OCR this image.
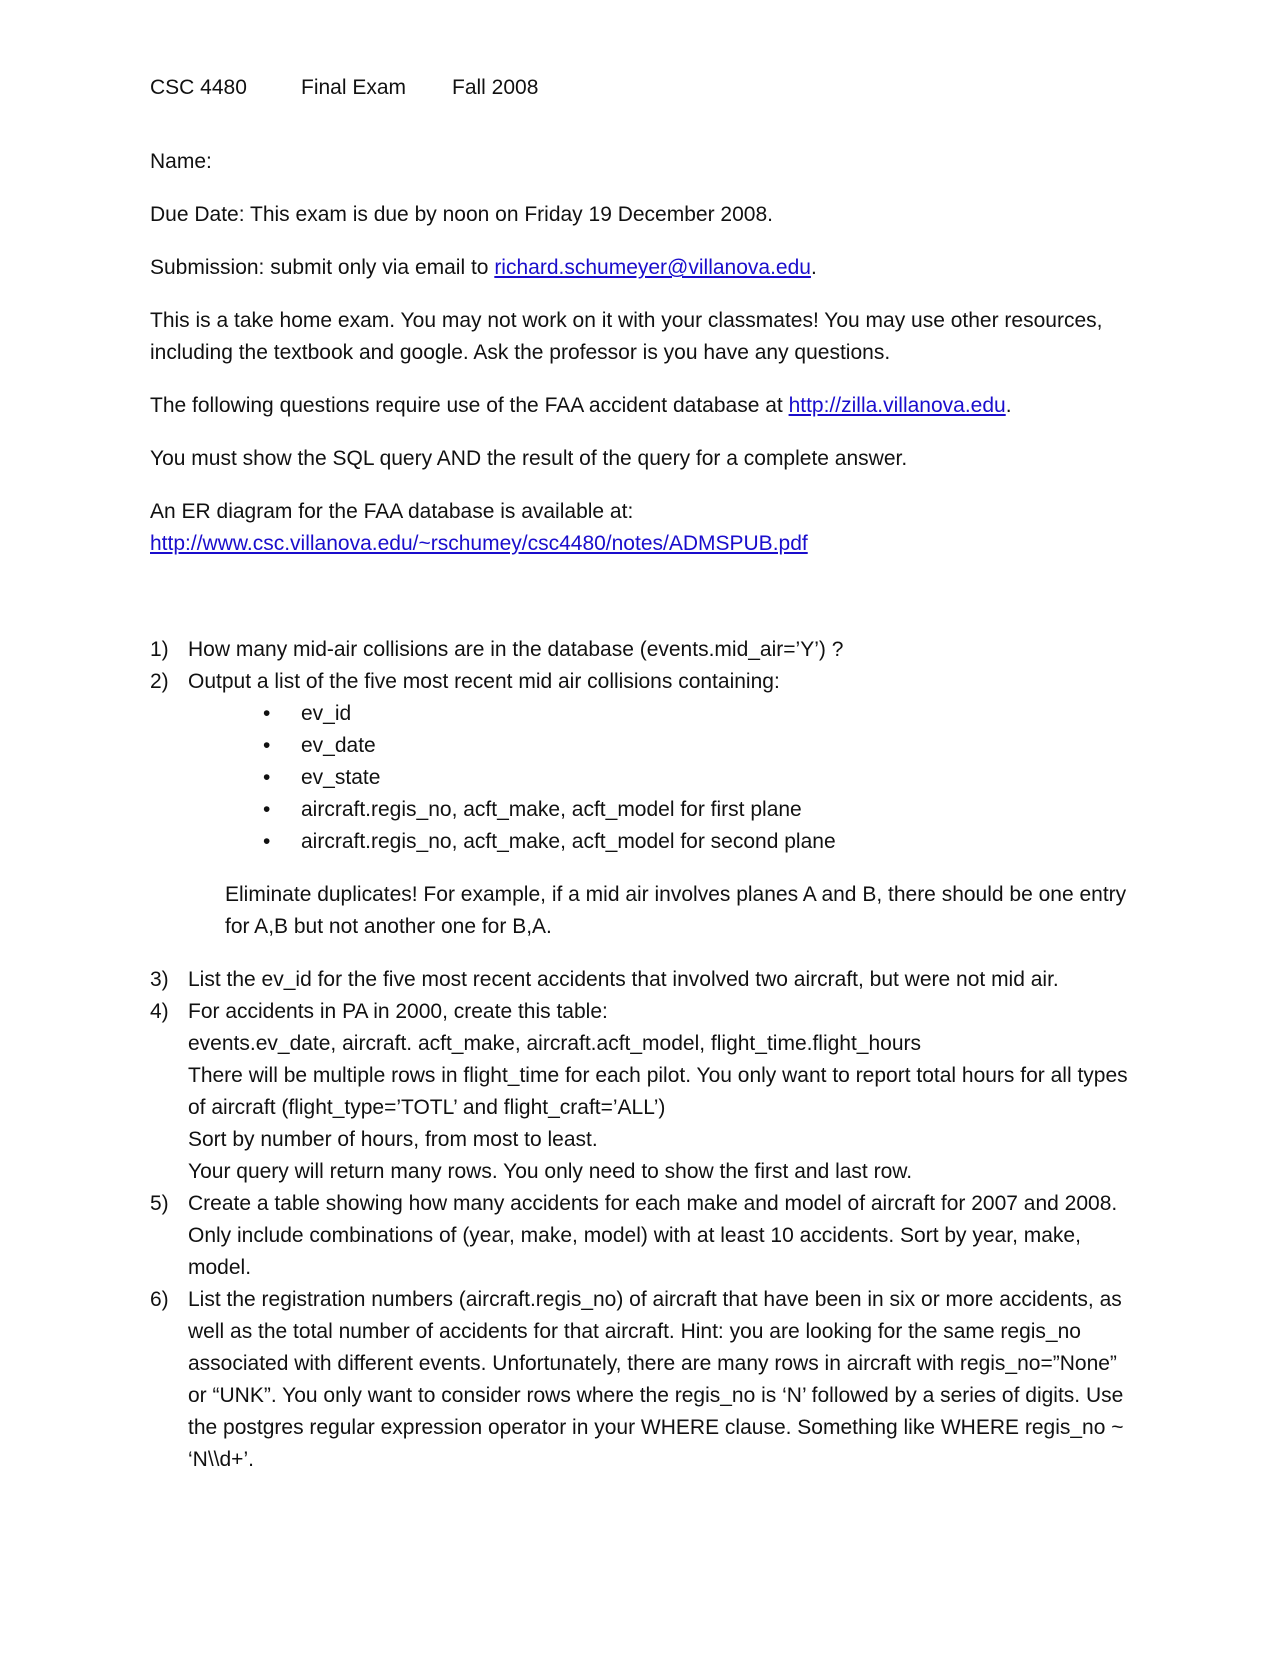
CSC 4480	Final Exam	Fall 2008

Name:

Due Date: This exam is due by noon on Friday 19 December 2008.

Submission: submit only via email to richard.schumeyer@villanova.edu.

This is a take home exam. You may not work on it with your classmates! You may use other resources, including the textbook and google. Ask the professor is you have any questions.

The following questions require use of the FAA accident database at http://zilla.villanova.edu.

You must show the SQL query AND the result of the query for a complete answer.

An ER diagram for the FAA database is available at:
http://www.csc.villanova.edu/~rschumey/csc4480/notes/ADMSPUB.pdf

1) How many mid-air collisions are in the database (events.mid_air=’Y’) ?
2) Output a list of the five most recent mid air collisions containing:
• ev_id
• ev_date
• ev_state
• aircraft.regis_no, acft_make, acft_model for first plane
• aircraft.regis_no, acft_make, acft_model for second plane

Eliminate duplicates! For example, if a mid air involves planes A and B, there should be one entry for A,B but not another one for B,A.

3) List the ev_id for the five most recent accidents that involved two aircraft, but were not mid air.
4) For accidents in PA in 2000, create this table:
events.ev_date, aircraft. acft_make, aircraft.acft_model, flight_time.flight_hours
There will be multiple rows in flight_time for each pilot. You only want to report total hours for all types of aircraft (flight_type=’TOTL’ and flight_craft=’ALL’)
Sort by number of hours, from most to least.
Your query will return many rows. You only need to show the first and last row.
5) Create a table showing how many accidents for each make and model of aircraft for 2007 and 2008. Only include combinations of (year, make, model) with at least 10 accidents. Sort by year, make, model.
6) List the registration numbers (aircraft.regis_no) of aircraft that have been in six or more accidents, as well as the total number of accidents for that aircraft. Hint: you are looking for the same regis_no associated with different events. Unfortunately, there are many rows in aircraft with regis_no=”None” or “UNK”. You only want to consider rows where the regis_no is ‘N’ followed by a series of digits. Use the postgres regular expression operator in your WHERE clause. Something like WHERE regis_no ~ ‘N\\d+’.
